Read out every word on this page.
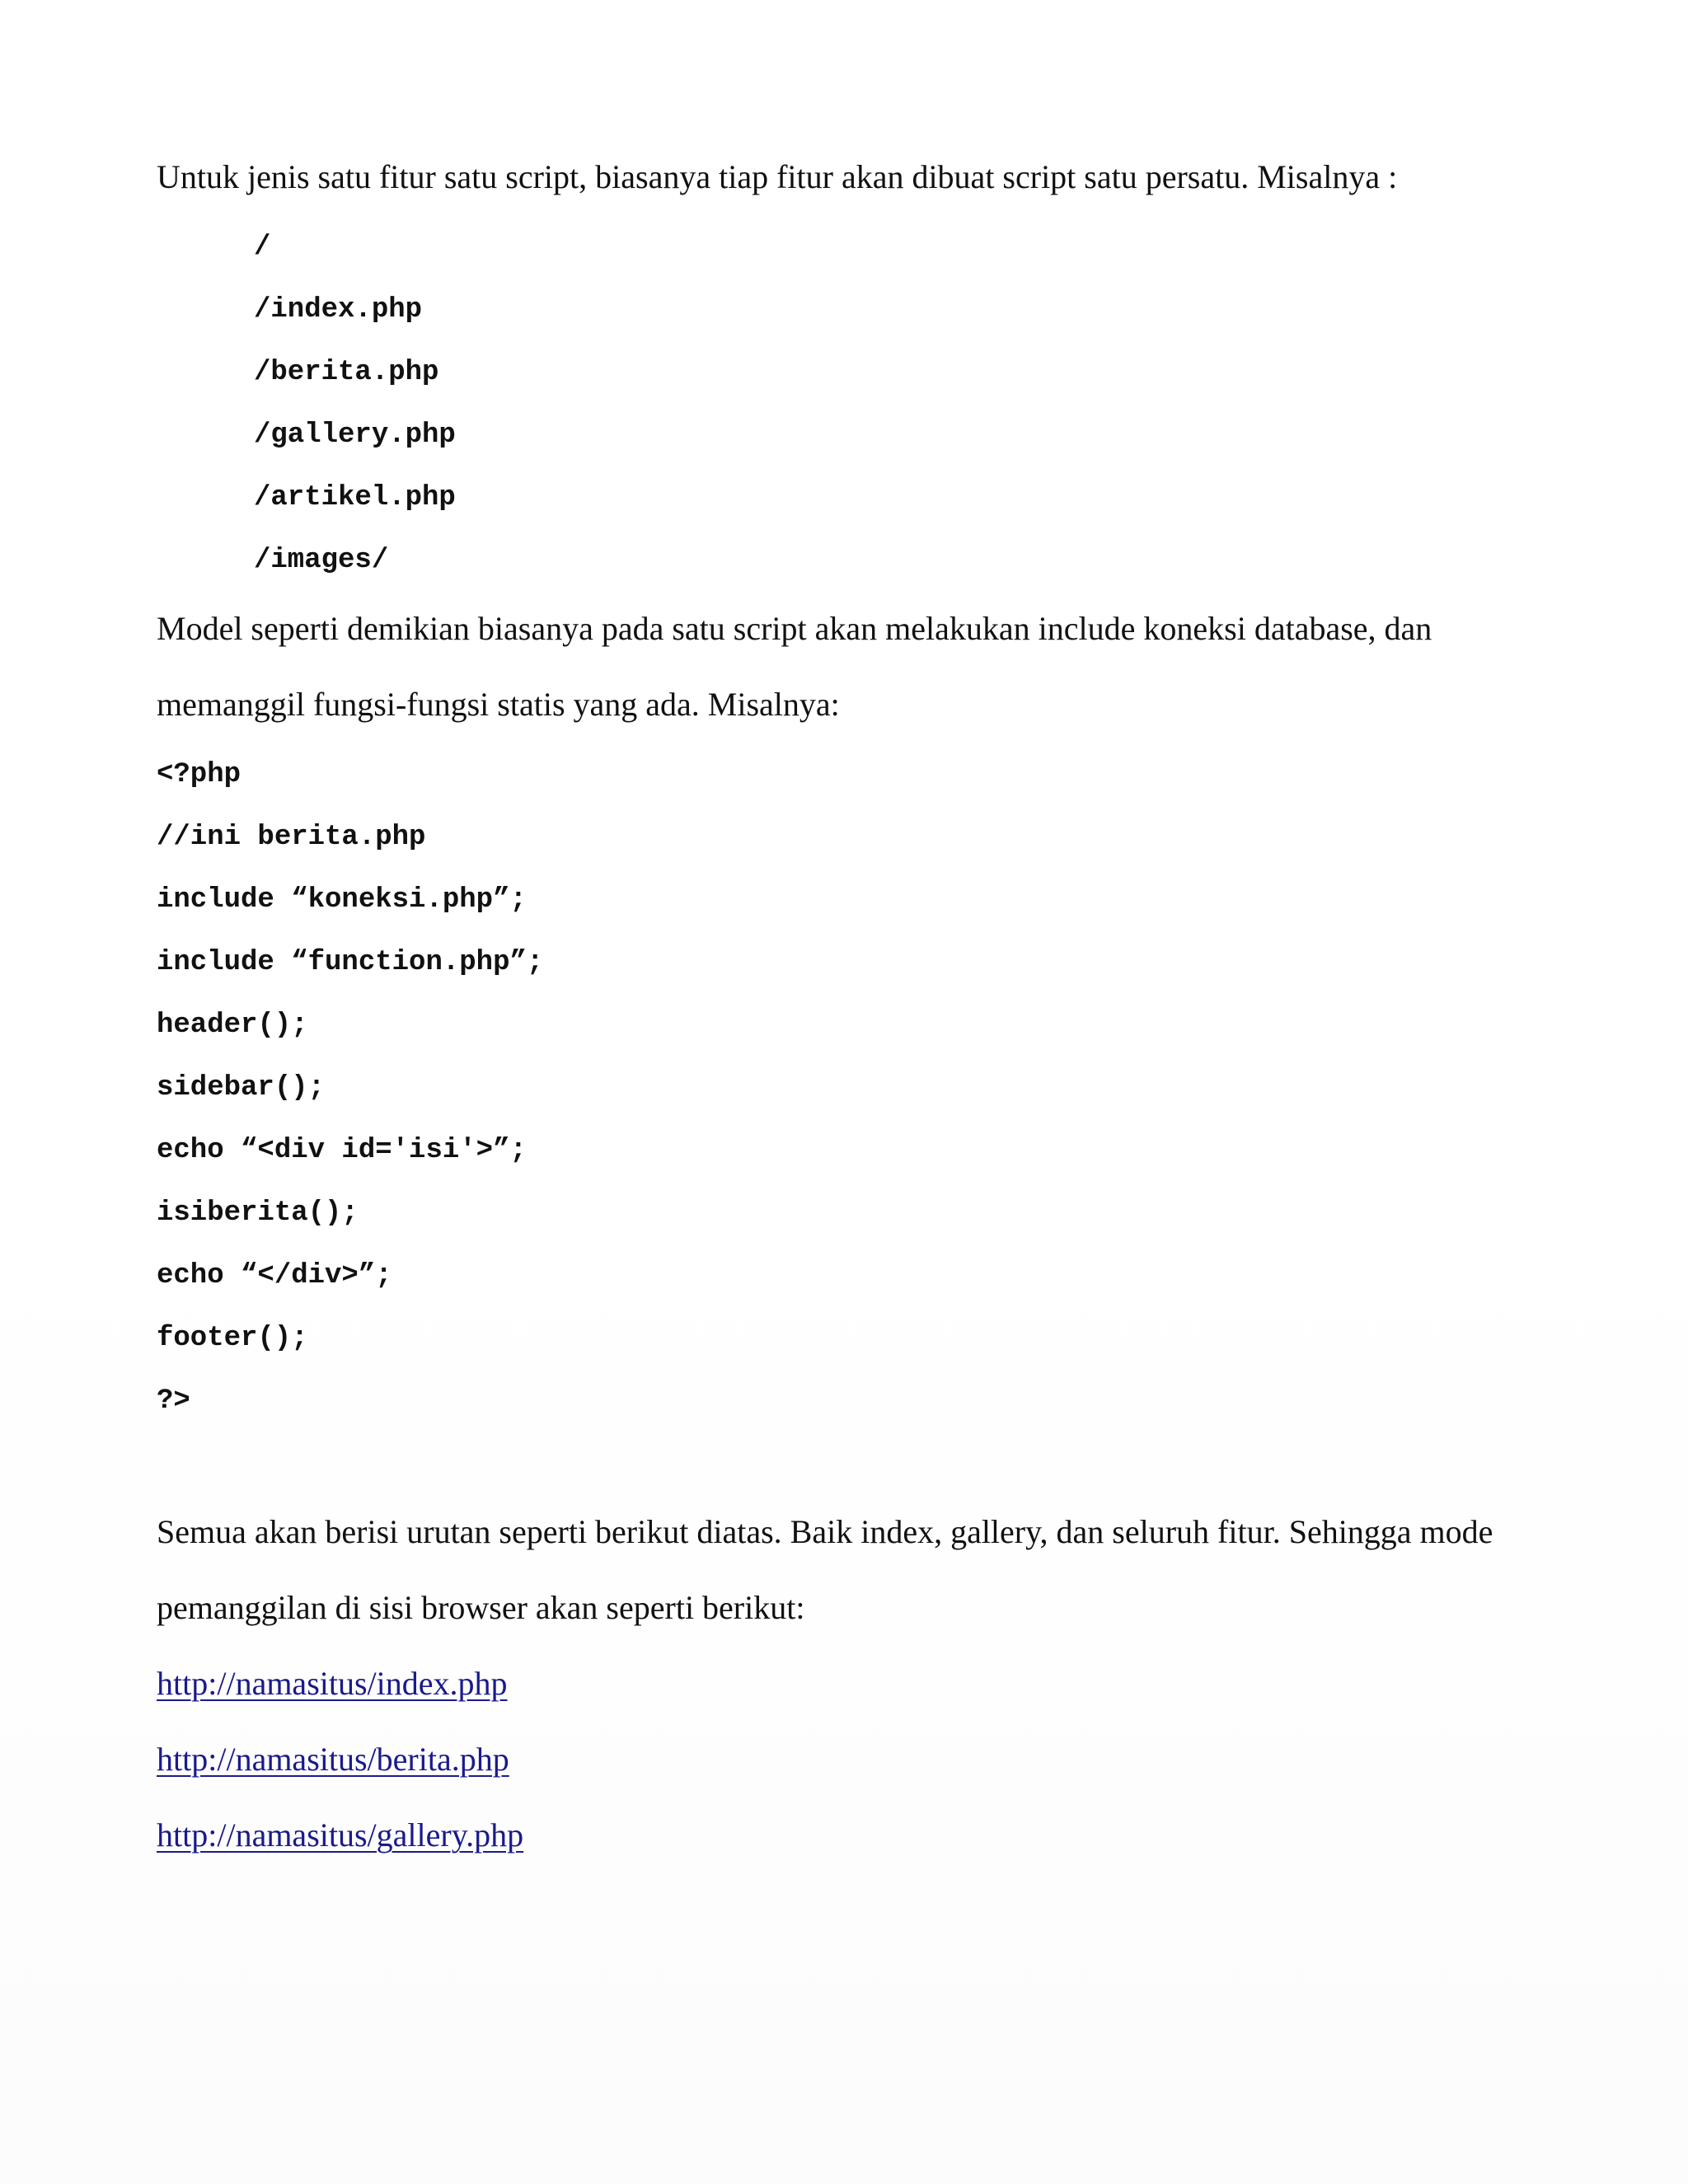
Untuk jenis satu fitur satu script, biasanya tiap fitur akan dibuat script satu persatu. Misalnya :
/
/index.php
/berita.php
/gallery.php
/artikel.php
/images/
Model seperti demikian biasanya pada satu script akan melakukan include koneksi database, dan
memanggil fungsi-fungsi statis yang ada. Misalnya:
<?php
//ini berita.php
include “koneksi.php”;
include “function.php”;
header();
sidebar();
echo “<div id='isi'>”;
isiberita();
echo “</div>”;
footer();
?>
Semua akan berisi urutan seperti berikut diatas. Baik index, gallery, dan seluruh fitur. Sehingga mode
pemanggilan di sisi browser akan seperti berikut:
http://namasitus/index.php
http://namasitus/berita.php
http://namasitus/gallery.php
